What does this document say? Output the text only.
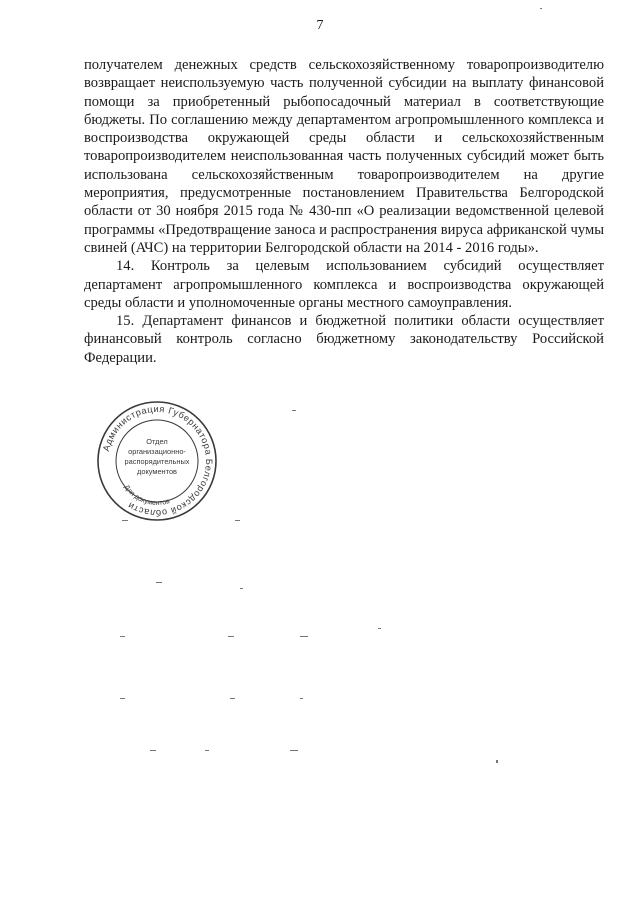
7

получателем денежных средств сельскохозяйственному товаропроизводителю возвращает неиспользуемую часть полученной субсидии на выплату финансовой помощи за приобретенный рыбопосадочный материал в соответствующие бюджеты. По соглашению между департаментом агропромышленного комплекса и воспроизводства окружающей среды области и сельскохозяйственным товаропроизводителем неиспользованная часть полученных субсидий может быть использована сельскохозяйственным товаропроизводителем на другие мероприятия, предусмотренные постановлением Правительства Белгородской области от 30 ноября 2015 года № 430-пп «О реализации ведомственной целевой программы «Предотвращение заноса и распространения вируса африканской чумы свиней (АЧС) на территории Белгородской области на 2014 - 2016 годы».

14. Контроль за целевым использованием субсидий осуществляет департамент агропромышленного комплекса и воспроизводства окружающей среды области и уполномоченные органы местного самоуправления.

15. Департамент финансов и бюджетной политики области осуществляет финансовый контроль согласно бюджетному законодательству Российской Федерации.

Администрация Губернатора Белгородской области
Отдел
организационно-
распорядительных
документов
Для документов
